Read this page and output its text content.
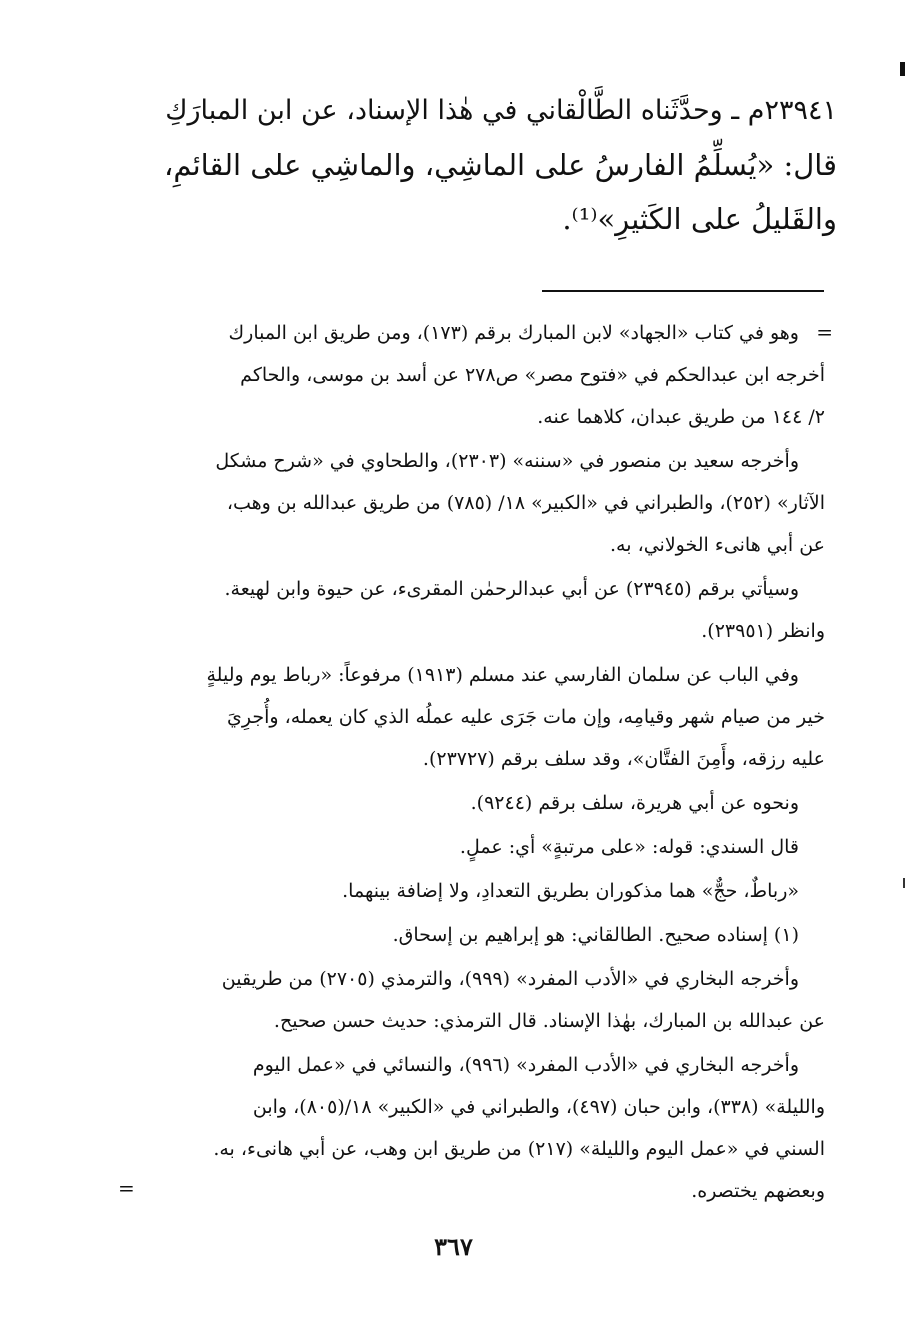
٢٣٩٤١م ـ وحدَّثَناه الطَّالْقاني في هٰذا الإسناد، عن ابن المبارَكِ
قال: «يُسلِّمُ الفارسُ على الماشِي، والماشِي على القائمِ،
والقَليلُ على الكَثيرِ»⁽¹⁾.
=
وهو في كتاب «الجهاد» لابن المبارك برقم (١٧٣)، ومن طريق ابن المبارك
أخرجه ابن عبدالحكم في «فتوح مصر» ص٢٧٨ عن أسد بن موسى، والحاكم
٢/ ١٤٤ من طريق عبدان، كلاهما عنه.
وأخرجه سعيد بن منصور في «سننه» (٢٣٠٣)، والطحاوي في «شرح مشكل
الآثار» (٢٥٢)، والطبراني في «الكبير» ١٨/ (٧٨٥) من طريق عبدالله بن وهب،
عن أبي هانىء الخولاني، به.
وسيأتي برقم (٢٣٩٤٥) عن أبي عبدالرحمٰن المقرىء، عن حيوة وابن لهيعة.
وانظر (٢٣٩٥١).
وفي الباب عن سلمان الفارسي عند مسلم (١٩١٣) مرفوعاً: «رباط يوم وليلةٍ
خير من صيام شهر وقيامِه، وإن مات جَرَى عليه عملُه الذي كان يعمله، وأُجرِيَ
عليه رزقه، وأَمِنَ الفتَّان»، وقد سلف برقم (٢٣٧٢٧).
ونحوه عن أبي هريرة، سلف برقم (٩٢٤٤).
قال السندي: قوله: «على مرتبةٍ» أي: عملٍ.
«رباطٌ، حجٌّ» هما مذكوران بطريق التعدادِ، ولا إضافة بينهما.
(١) إسناده صحيح. الطالقاني: هو إبراهيم بن إسحاق.
وأخرجه البخاري في «الأدب المفرد» (٩٩٩)، والترمذي (٢٧٠٥) من طريقين
عن عبدالله بن المبارك، بهٰذا الإسناد. قال الترمذي: حديث حسن صحيح.
وأخرجه البخاري في «الأدب المفرد» (٩٩٦)، والنسائي في «عمل اليوم
والليلة» (٣٣٨)، وابن حبان (٤٩٧)، والطبراني في «الكبير» ١٨/(٨٠٥)، وابن
السني في «عمل اليوم والليلة» (٢١٧) من طريق ابن وهب، عن أبي هانىء، به.
وبعضهم يختصره.
=
٣٦٧
